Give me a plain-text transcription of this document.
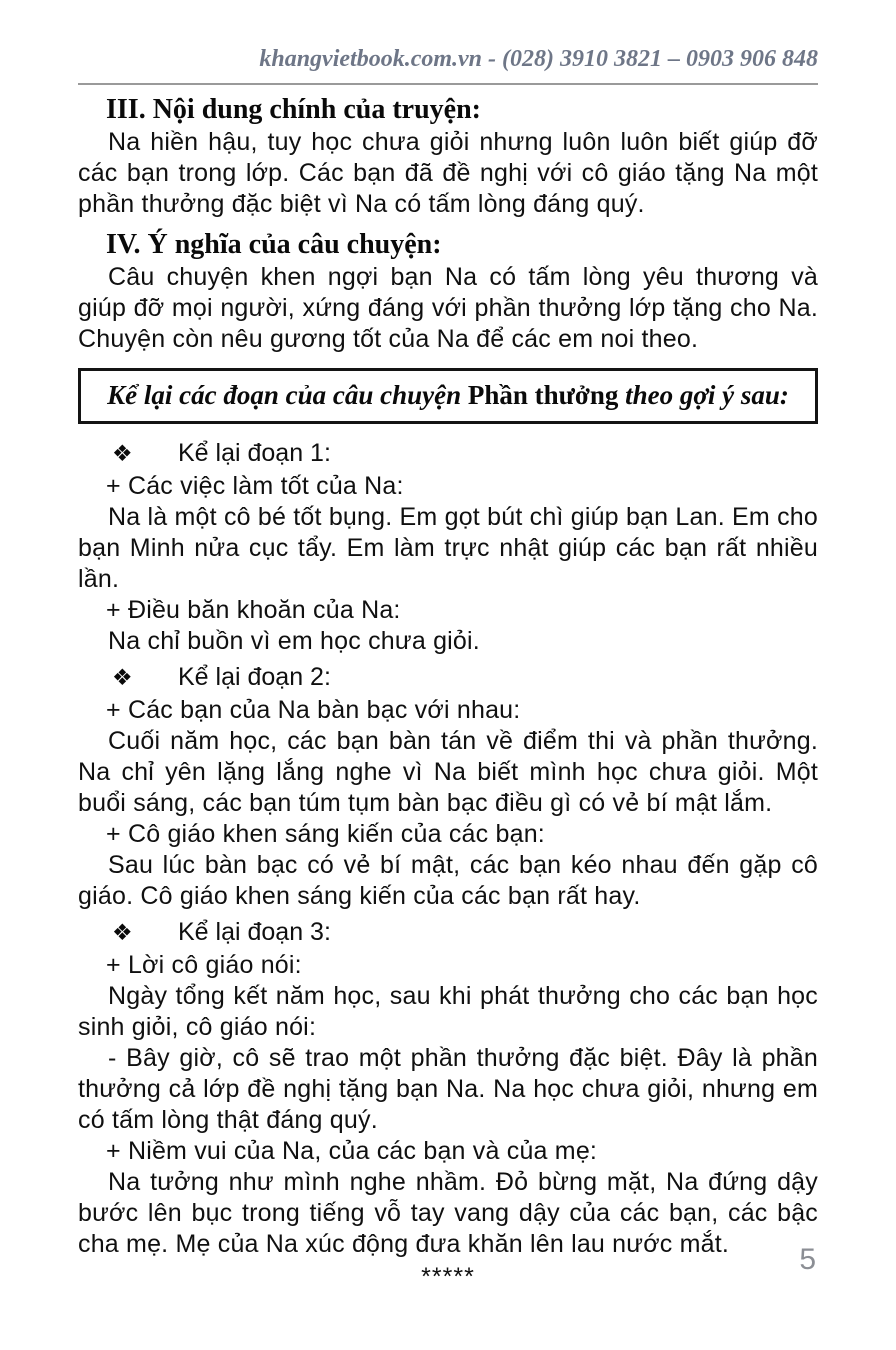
khangvietbook.com.vn - (028) 3910 3821 – 0903 906 848

III. Nội dung chính của truyện:

Na hiền hậu, tuy học chưa giỏi nhưng luôn luôn biết giúp đỡ các bạn trong lớp. Các bạn đã đề nghị với cô giáo tặng Na một phần thưởng đặc biệt vì Na có tấm lòng đáng quý.

IV. Ý nghĩa của câu chuyện:

Câu chuyện khen ngợi bạn Na có tấm lòng yêu thương và giúp đỡ mọi người, xứng đáng với phần thưởng lớp tặng cho Na. Chuyện còn nêu gương tốt của Na để các em noi theo.

Kể lại các đoạn của câu chuyện Phần thưởng theo gợi ý sau:

❖ Kể lại đoạn 1:

+ Các việc làm tốt của Na:

Na là một cô bé tốt bụng. Em gọt bút chì giúp bạn Lan. Em cho bạn Minh nửa cục tẩy. Em làm trực nhật giúp các bạn rất nhiều lần.

+ Điều băn khoăn của Na:

Na chỉ buồn vì em học chưa giỏi.

❖ Kể lại đoạn 2:

+ Các bạn của Na bàn bạc với nhau:

Cuối năm học, các bạn bàn tán về điểm thi và phần thưởng. Na chỉ yên lặng lắng nghe vì Na biết mình học chưa giỏi. Một buổi sáng, các bạn túm tụm bàn bạc điều gì có vẻ bí mật lắm.

+ Cô giáo khen sáng kiến của các bạn:

Sau lúc bàn bạc có vẻ bí mật, các bạn kéo nhau đến gặp cô giáo. Cô giáo khen sáng kiến của các bạn rất hay.

❖ Kể lại đoạn 3:

+ Lời cô giáo nói:

Ngày tổng kết năm học, sau khi phát thưởng cho các bạn học sinh giỏi, cô giáo nói:

- Bây giờ, cô sẽ trao một phần thưởng đặc biệt. Đây là phần thưởng cả lớp đề nghị tặng bạn Na. Na học chưa giỏi, nhưng em có tấm lòng thật đáng quý.

+ Niềm vui của Na, của các bạn và của mẹ:

Na tưởng như mình nghe nhầm. Đỏ bừng mặt, Na đứng dậy bước lên bục trong tiếng vỗ tay vang dậy của các bạn, các bậc cha mẹ. Mẹ của Na xúc động đưa khăn lên lau nước mắt.

*****

5
